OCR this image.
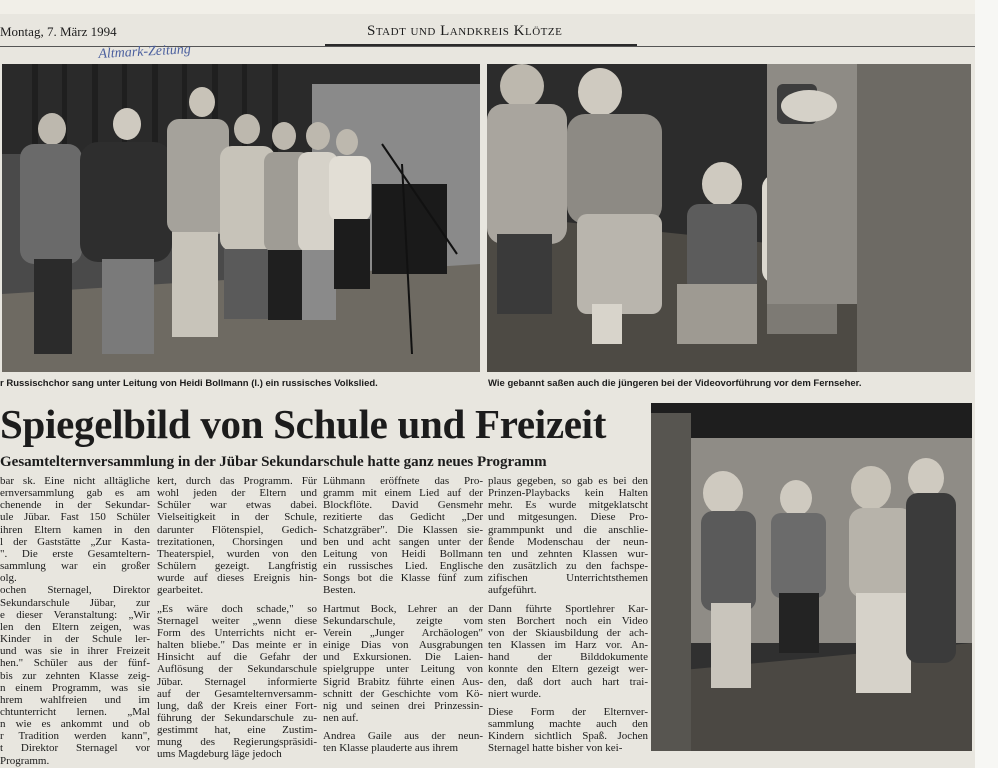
Montag, 7. März 1994	Stadt und Landkreis Klötze
Altmark-Zeitung
r Russischchor sang unter Leitung von Heidi Bollmann (l.) ein russisches Volkslied.	Wie gebannt saßen auch die jüngeren bei der Videovorführung vor dem Fernseher.
Spiegelbild von Schule und Freizeit
Gesamtelternversammlung in der Jübar Sekundarschule hatte ganz neues Programm
bar sk. Eine nicht alltägliche
ernversammlung gab es am
chenende in der Sekundar-
ule Jübar. Fast 150 Schüler
ihren Eltern kamen in den
l der Gaststätte „Zur Kasta-
". Die erste Gesamteltern-
sammlung war ein großer
olg.
ochen Sternagel, Direktor
Sekundarschule Jübar, zur
e dieser Veranstaltung: „Wir
len den Eltern zeigen, was
Kinder in der Schule ler-
und was sie in ihrer Freizeit
hen." Schüler aus der fünf-
bis zur zehnten Klasse zeig-
n einem Programm, was sie
hrem wahlfreien und im
chtunterricht lernen. „Mal
n wie es ankommt und ob
r Tradition werden kann",
t Direktor Sternagel vor
Programm.
kert, durch das Programm. Für
wohl jeden der Eltern und
Schüler war etwas dabei.
Vielseitigkeit in der Schule,
darunter Flötenspiel, Gedich-
trezitationen, Chorsingen und
Theaterspiel, wurden von den
Schülern gezeigt. Langfristig
wurde auf dieses Ereignis hin-
gearbeitet.
„Es wäre doch schade," so
Sternagel weiter „wenn diese
Form des Unterrichts nicht er-
halten bliebe." Das meinte er in
Hinsicht auf die Gefahr der
Auflösung der Sekundarschule
Jübar. Sternagel informierte
auf der Gesamtelternversamm-
lung, daß der Kreis einer Fort-
führung der Sekundarschule zu-
gestimmt hat, eine Zustim-
mung des Regierungspräsidi-
ums Magdeburg läge jedoch
Lühmann eröffnete das Pro-
gramm mit einem Lied auf der
Blockflöte. David Gensmehr
rezitierte das Gedicht „Der
Schatzgräber". Die Klassen sie-
ben und acht sangen unter der
Leitung von Heidi Bollmann
ein russisches Lied. Englische
Songs bot die Klasse fünf zum
Besten.
Hartmut Bock, Lehrer an der
Sekundarschule, zeigte vom
Verein „Junger Archäologen"
einige Dias von Ausgrabungen
und Exkursionen. Die Laien-
spielgruppe unter Leitung von
Sigrid Brabitz führte einen Aus-
schnitt der Geschichte vom Kö-
nig und seinen drei Prinzessin-
nen auf.
Andrea Gaile aus der neun-
ten Klasse plauderte aus ihrem
plaus gegeben, so gab es bei den
Prinzen-Playbacks kein Halten
mehr. Es wurde mitgeklatscht
und mitgesungen. Diese Pro-
grammpunkt und die anschlie-
ßende Modenschau der neun-
ten und zehnten Klassen wur-
den zusätzlich zu den fachspe-
zifischen Unterrichtsthemen
aufgeführt.
Dann führte Sportlehrer Kar-
sten Borchert noch ein Video
von der Skiausbildung der ach-
ten Klassen im Harz vor. An-
hand der Bilddokumente
konnte den Eltern gezeigt wer-
den, daß dort auch hart trai-
niert wurde.
Diese Form der Elternver-
sammlung machte auch den
Kindern sichtlich Spaß. Jochen
Sternagel hatte bisher von kei-
